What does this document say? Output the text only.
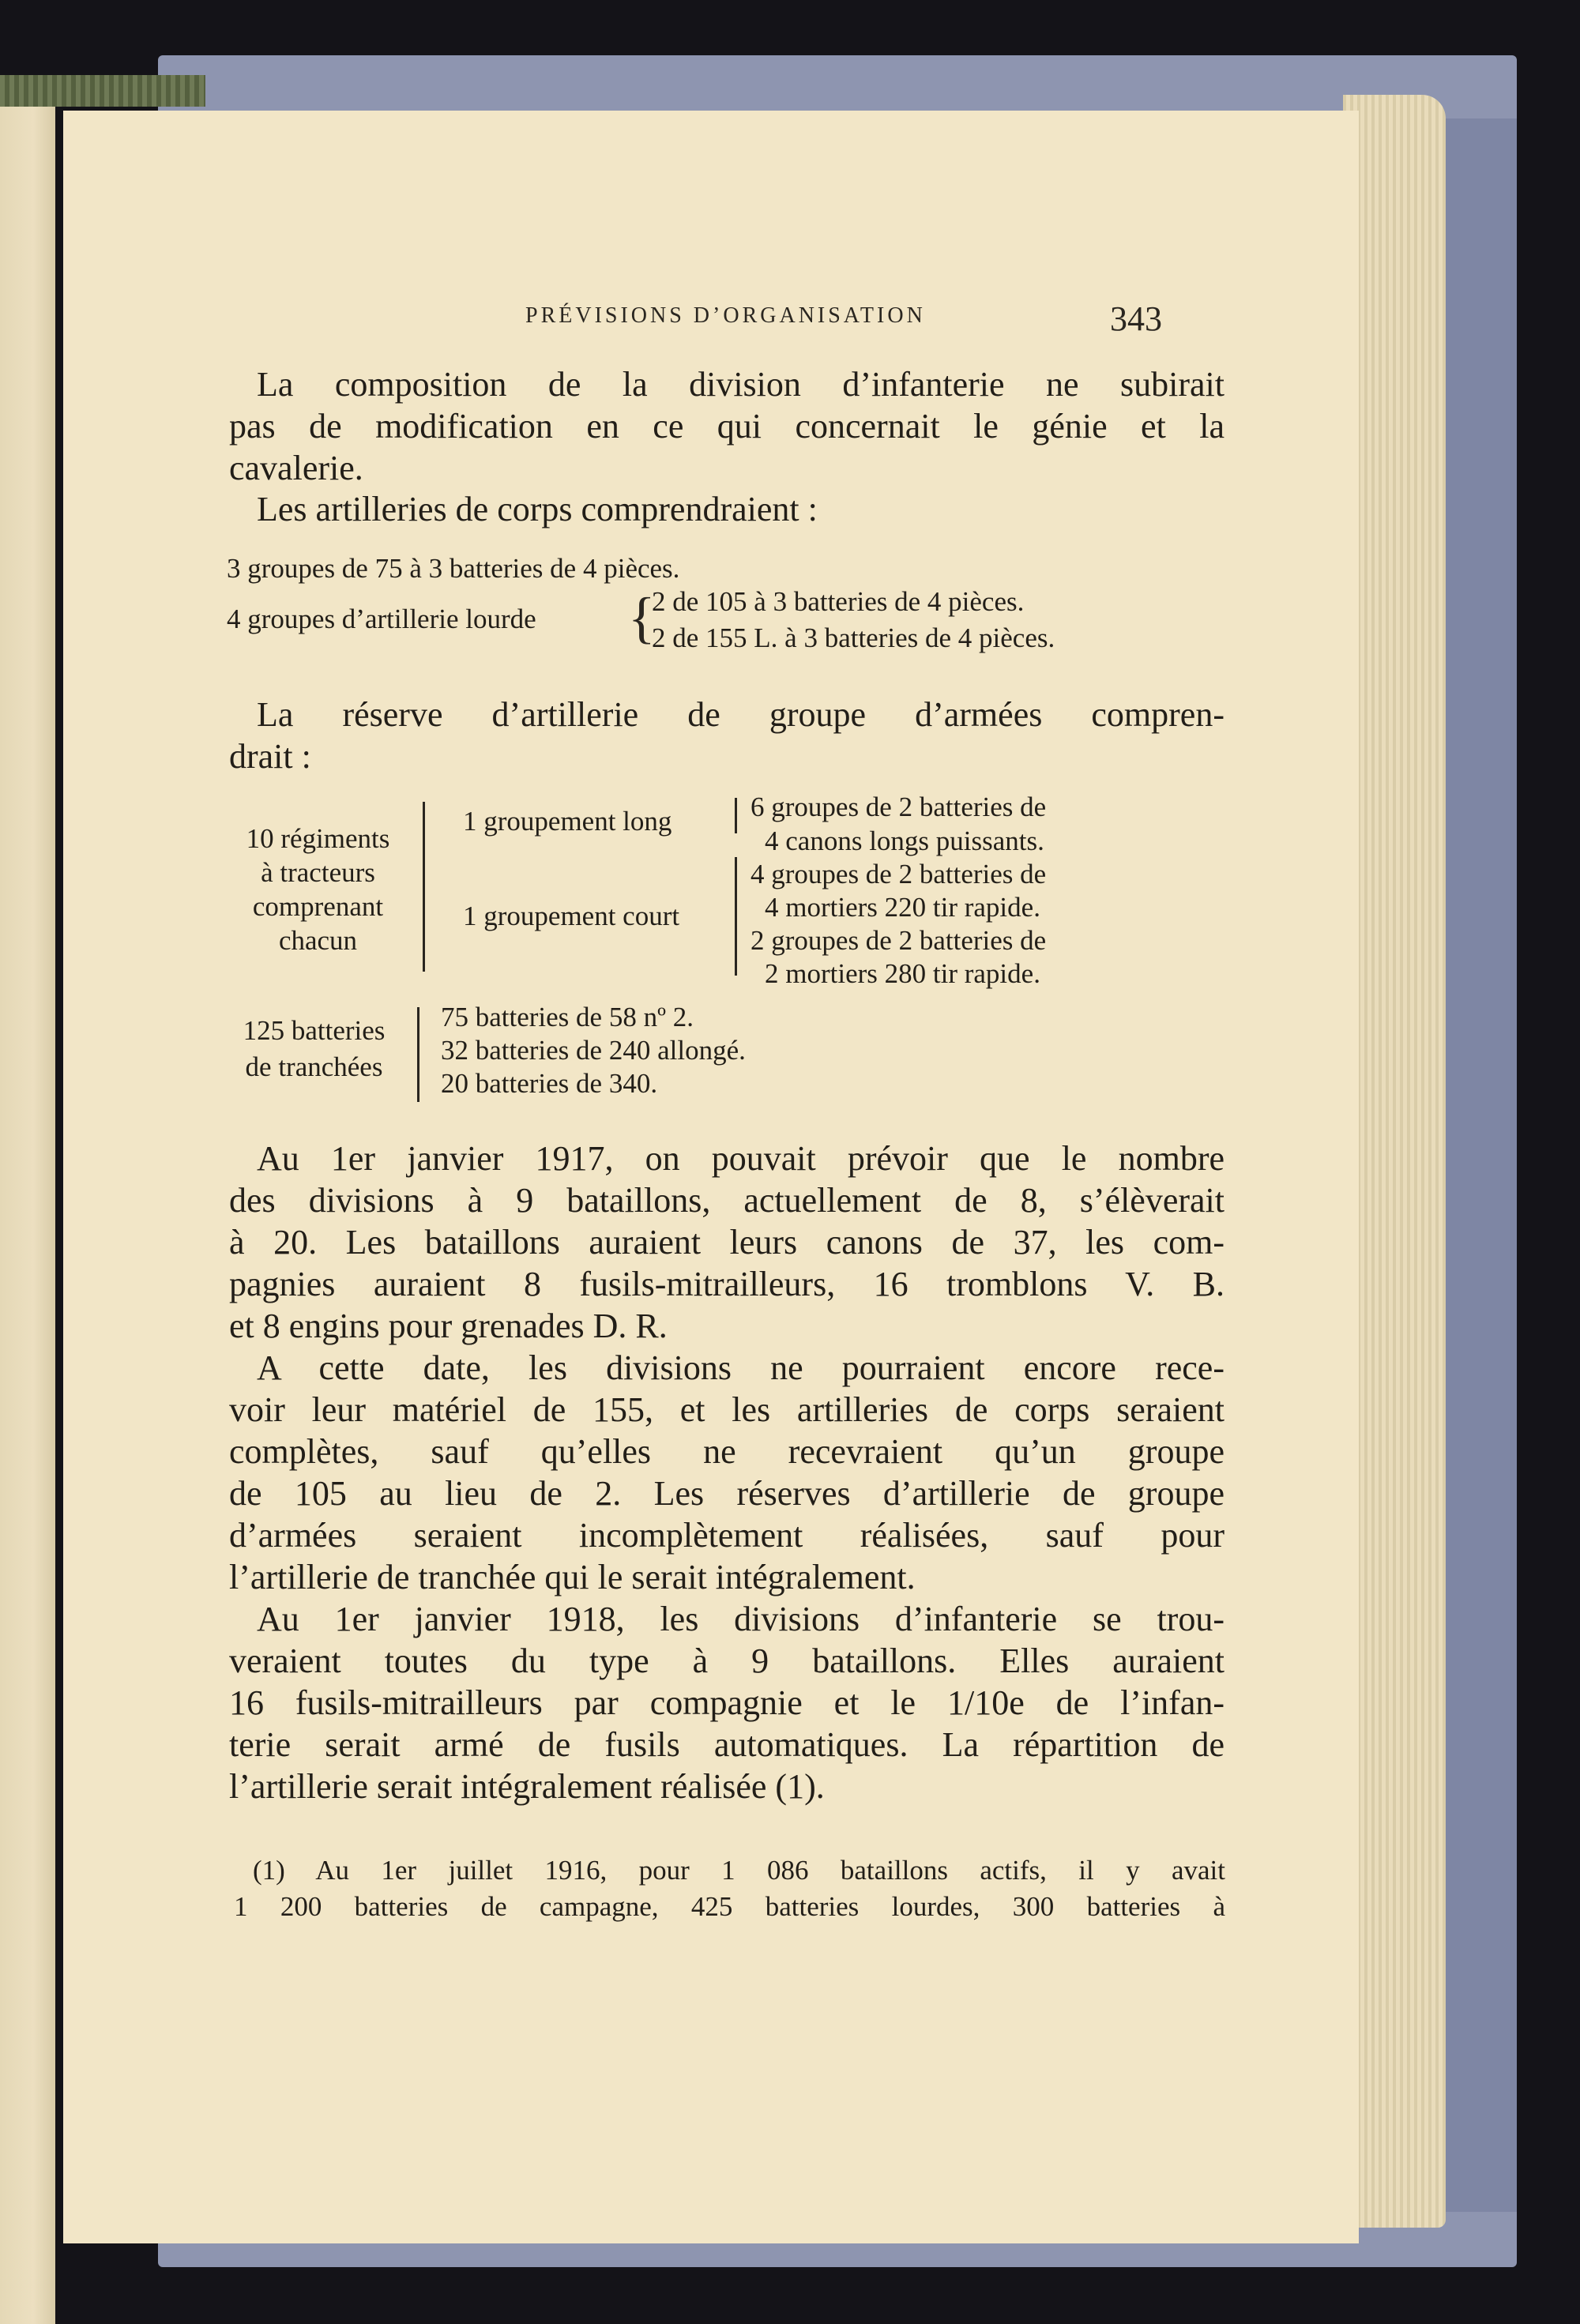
PRÉVISIONS D’ORGANISATION	343
La composition de la division d’infanterie ne subirait
pas de modification en ce qui concernait le génie et la
cavalerie.
Les artilleries de corps comprendraient :
3 groupes de 75 à 3 batteries de 4 pièces.
4 groupes d’artillerie lourde {
2 de 105 à 3 batteries de 4 pièces.
2 de 155 L. à 3 batteries de 4 pièces.
La réserve d’artillerie de groupe d’armées compren-
drait :
10 régiments
à tracteurs
comprenant
chacun
1 groupement long
1 groupement court
6 groupes de 2 batteries de
4 canons longs puissants.
4 groupes de 2 batteries de
4 mortiers 220 tir rapide.
2 groupes de 2 batteries de
2 mortiers 280 tir rapide.
125 batteries
de tranchées
75 batteries de 58 nº 2.
32 batteries de 240 allongé.
20 batteries de 340.
Au 1er janvier 1917, on pouvait prévoir que le nombre
des divisions à 9 bataillons, actuellement de 8, s’élèverait
à 20. Les bataillons auraient leurs canons de 37, les com-
pagnies auraient 8 fusils-mitrailleurs, 16 tromblons V. B.
et 8 engins pour grenades D. R.
A cette date, les divisions ne pourraient encore rece-
voir leur matériel de 155, et les artilleries de corps seraient
complètes, sauf qu’elles ne recevraient qu’un groupe
de 105 au lieu de 2. Les réserves d’artillerie de groupe
d’armées seraient incomplètement réalisées, sauf pour
l’artillerie de tranchée qui le serait intégralement.
Au 1er janvier 1918, les divisions d’infanterie se trou-
veraient toutes du type à 9 bataillons. Elles auraient
16 fusils-mitrailleurs par compagnie et le 1/10e de l’infan-
terie serait armé de fusils automatiques. La répartition de
l’artillerie serait intégralement réalisée (1).
(1) Au 1er juillet 1916, pour 1 086 bataillons actifs, il y avait
1 200 batteries de campagne, 425 batteries lourdes, 300 batteries à
